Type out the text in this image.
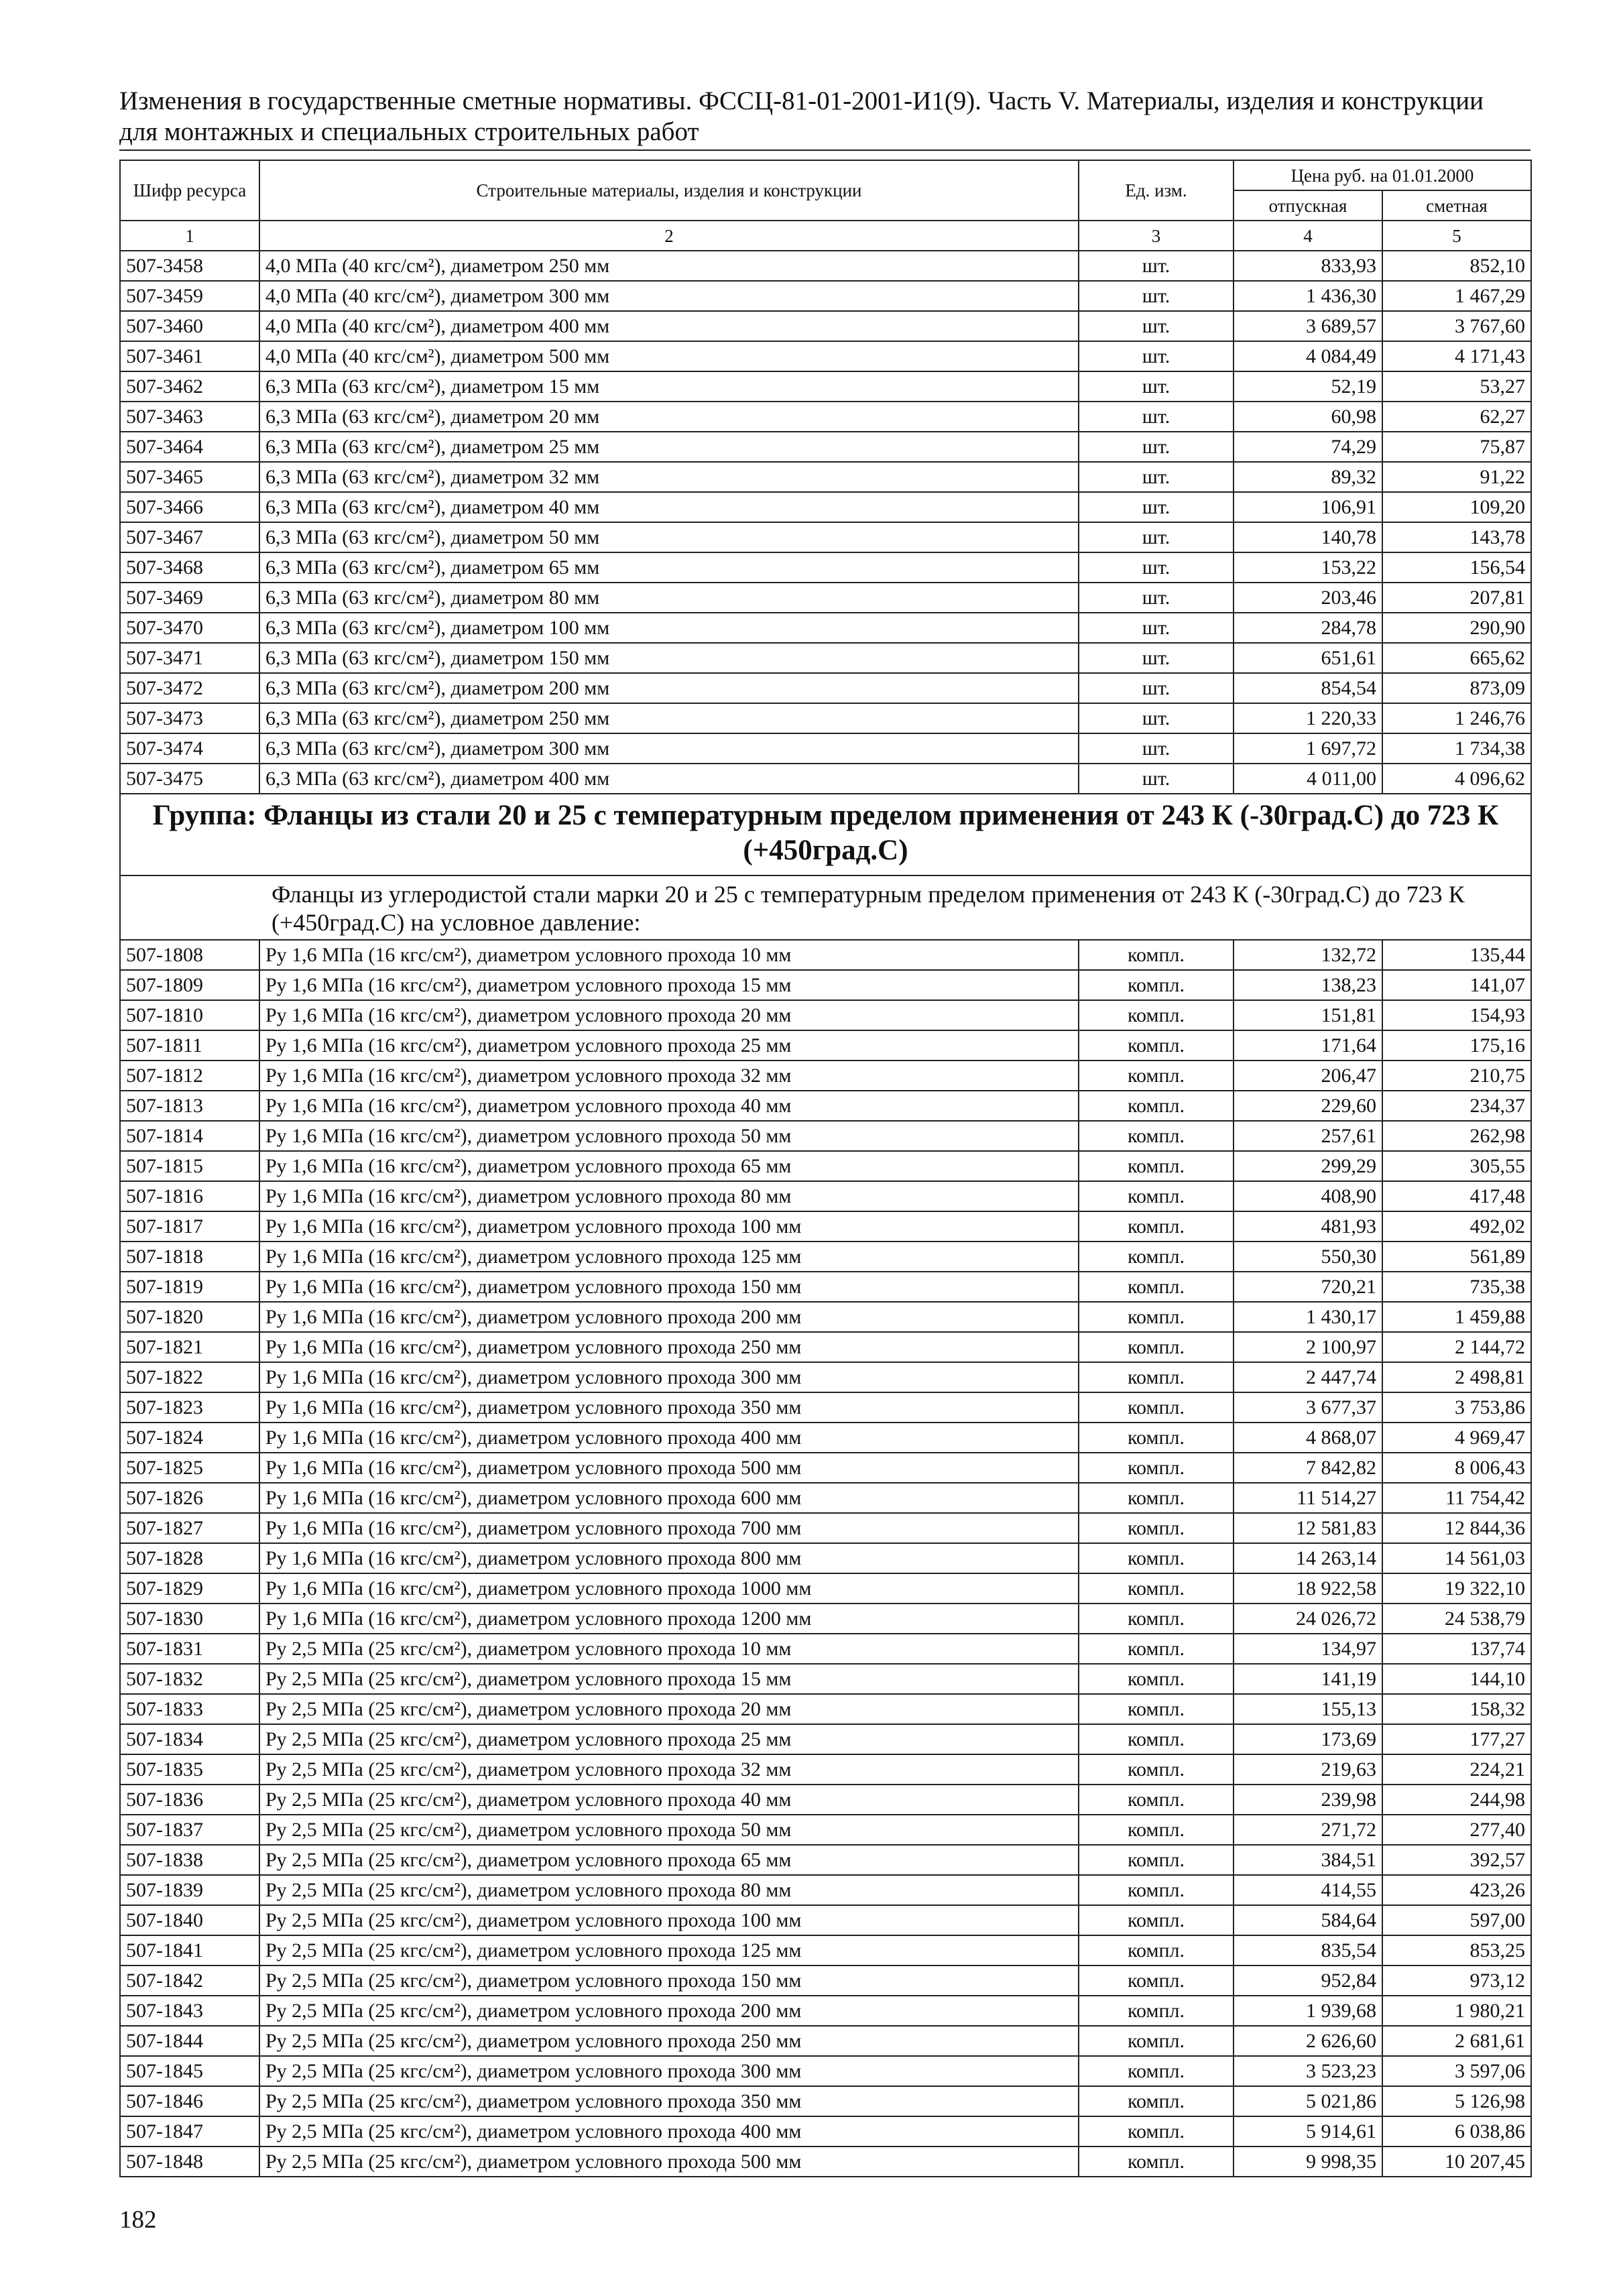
Изменения в государственные сметные нормативы. ФССЦ-81-01-2001-И1(9). Часть V. Материалы, изделия и конструкции для монтажных и специальных строительных работ
Шифр ресурса	Строительные материалы, изделия и конструкции	Ед. изм.	Цена руб. на 01.01.2000	
			отпускная	сметная
1	2	3	4	5
507-3458	4,0 МПа (40 кгс/см²), диаметром 250 мм	шт.	833,93	852,10
507-3459	4,0 МПа (40 кгс/см²), диаметром 300 мм	шт.	1 436,30	1 467,29
507-3460	4,0 МПа (40 кгс/см²), диаметром 400 мм	шт.	3 689,57	3 767,60
507-3461	4,0 МПа (40 кгс/см²), диаметром 500 мм	шт.	4 084,49	4 171,43
507-3462	6,3 МПа (63 кгс/см²), диаметром 15 мм	шт.	52,19	53,27
507-3463	6,3 МПа (63 кгс/см²), диаметром 20 мм	шт.	60,98	62,27
507-3464	6,3 МПа (63 кгс/см²), диаметром 25 мм	шт.	74,29	75,87
507-3465	6,3 МПа (63 кгс/см²), диаметром 32 мм	шт.	89,32	91,22
507-3466	6,3 МПа (63 кгс/см²), диаметром 40 мм	шт.	106,91	109,20
507-3467	6,3 МПа (63 кгс/см²), диаметром 50 мм	шт.	140,78	143,78
507-3468	6,3 МПа (63 кгс/см²), диаметром 65 мм	шт.	153,22	156,54
507-3469	6,3 МПа (63 кгс/см²), диаметром 80 мм	шт.	203,46	207,81
507-3470	6,3 МПа (63 кгс/см²), диаметром 100 мм	шт.	284,78	290,90
507-3471	6,3 МПа (63 кгс/см²), диаметром 150 мм	шт.	651,61	665,62
507-3472	6,3 МПа (63 кгс/см²), диаметром 200 мм	шт.	854,54	873,09
507-3473	6,3 МПа (63 кгс/см²), диаметром 250 мм	шт.	1 220,33	1 246,76
507-3474	6,3 МПа (63 кгс/см²), диаметром 300 мм	шт.	1 697,72	1 734,38
507-3475	6,3 МПа (63 кгс/см²), диаметром 400 мм	шт.	4 011,00	4 096,62
Группа: Фланцы из стали 20 и 25 с температурным пределом применения от 243 К (-30град.С) до 723 К (+450град.С)				
Фланцы из углеродистой стали марки 20 и 25 с температурным пределом применения от 243 К (-30град.С) до 723 К (+450град.С) на условное давление:				
507-1808	Ру 1,6 МПа (16 кгс/см²), диаметром условного прохода 10 мм	компл.	132,72	135,44
507-1809	Ру 1,6 МПа (16 кгс/см²), диаметром условного прохода 15 мм	компл.	138,23	141,07
507-1810	Ру 1,6 МПа (16 кгс/см²), диаметром условного прохода 20 мм	компл.	151,81	154,93
507-1811	Ру 1,6 МПа (16 кгс/см²), диаметром условного прохода 25 мм	компл.	171,64	175,16
507-1812	Ру 1,6 МПа (16 кгс/см²), диаметром условного прохода 32 мм	компл.	206,47	210,75
507-1813	Ру 1,6 МПа (16 кгс/см²), диаметром условного прохода 40 мм	компл.	229,60	234,37
507-1814	Ру 1,6 МПа (16 кгс/см²), диаметром условного прохода 50 мм	компл.	257,61	262,98
507-1815	Ру 1,6 МПа (16 кгс/см²), диаметром условного прохода 65 мм	компл.	299,29	305,55
507-1816	Ру 1,6 МПа (16 кгс/см²), диаметром условного прохода 80 мм	компл.	408,90	417,48
507-1817	Ру 1,6 МПа (16 кгс/см²), диаметром условного прохода 100 мм	компл.	481,93	492,02
507-1818	Ру 1,6 МПа (16 кгс/см²), диаметром условного прохода 125 мм	компл.	550,30	561,89
507-1819	Ру 1,6 МПа (16 кгс/см²), диаметром условного прохода 150 мм	компл.	720,21	735,38
507-1820	Ру 1,6 МПа (16 кгс/см²), диаметром условного прохода 200 мм	компл.	1 430,17	1 459,88
507-1821	Ру 1,6 МПа (16 кгс/см²), диаметром условного прохода 250 мм	компл.	2 100,97	2 144,72
507-1822	Ру 1,6 МПа (16 кгс/см²), диаметром условного прохода 300 мм	компл.	2 447,74	2 498,81
507-1823	Ру 1,6 МПа (16 кгс/см²), диаметром условного прохода 350 мм	компл.	3 677,37	3 753,86
507-1824	Ру 1,6 МПа (16 кгс/см²), диаметром условного прохода 400 мм	компл.	4 868,07	4 969,47
507-1825	Ру 1,6 МПа (16 кгс/см²), диаметром условного прохода 500 мм	компл.	7 842,82	8 006,43
507-1826	Ру 1,6 МПа (16 кгс/см²), диаметром условного прохода 600 мм	компл.	11 514,27	11 754,42
507-1827	Ру 1,6 МПа (16 кгс/см²), диаметром условного прохода 700 мм	компл.	12 581,83	12 844,36
507-1828	Ру 1,6 МПа (16 кгс/см²), диаметром условного прохода 800 мм	компл.	14 263,14	14 561,03
507-1829	Ру 1,6 МПа (16 кгс/см²), диаметром условного прохода 1000 мм	компл.	18 922,58	19 322,10
507-1830	Ру 1,6 МПа (16 кгс/см²), диаметром условного прохода 1200 мм	компл.	24 026,72	24 538,79
507-1831	Ру 2,5 МПа (25 кгс/см²), диаметром условного прохода 10 мм	компл.	134,97	137,74
507-1832	Ру 2,5 МПа (25 кгс/см²), диаметром условного прохода 15 мм	компл.	141,19	144,10
507-1833	Ру 2,5 МПа (25 кгс/см²), диаметром условного прохода 20 мм	компл.	155,13	158,32
507-1834	Ру 2,5 МПа (25 кгс/см²), диаметром условного прохода 25 мм	компл.	173,69	177,27
507-1835	Ру 2,5 МПа (25 кгс/см²), диаметром условного прохода 32 мм	компл.	219,63	224,21
507-1836	Ру 2,5 МПа (25 кгс/см²), диаметром условного прохода 40 мм	компл.	239,98	244,98
507-1837	Ру 2,5 МПа (25 кгс/см²), диаметром условного прохода 50 мм	компл.	271,72	277,40
507-1838	Ру 2,5 МПа (25 кгс/см²), диаметром условного прохода 65 мм	компл.	384,51	392,57
507-1839	Ру 2,5 МПа (25 кгс/см²), диаметром условного прохода 80 мм	компл.	414,55	423,26
507-1840	Ру 2,5 МПа (25 кгс/см²), диаметром условного прохода 100 мм	компл.	584,64	597,00
507-1841	Ру 2,5 МПа (25 кгс/см²), диаметром условного прохода 125 мм	компл.	835,54	853,25
507-1842	Ру 2,5 МПа (25 кгс/см²), диаметром условного прохода 150 мм	компл.	952,84	973,12
507-1843	Ру 2,5 МПа (25 кгс/см²), диаметром условного прохода 200 мм	компл.	1 939,68	1 980,21
507-1844	Ру 2,5 МПа (25 кгс/см²), диаметром условного прохода 250 мм	компл.	2 626,60	2 681,61
507-1845	Ру 2,5 МПа (25 кгс/см²), диаметром условного прохода 300 мм	компл.	3 523,23	3 597,06
507-1846	Ру 2,5 МПа (25 кгс/см²), диаметром условного прохода 350 мм	компл.	5 021,86	5 126,98
507-1847	Ру 2,5 МПа (25 кгс/см²), диаметром условного прохода 400 мм	компл.	5 914,61	6 038,86
507-1848	Ру 2,5 МПа (25 кгс/см²), диаметром условного прохода 500 мм	компл.	9 998,35	10 207,45
182
